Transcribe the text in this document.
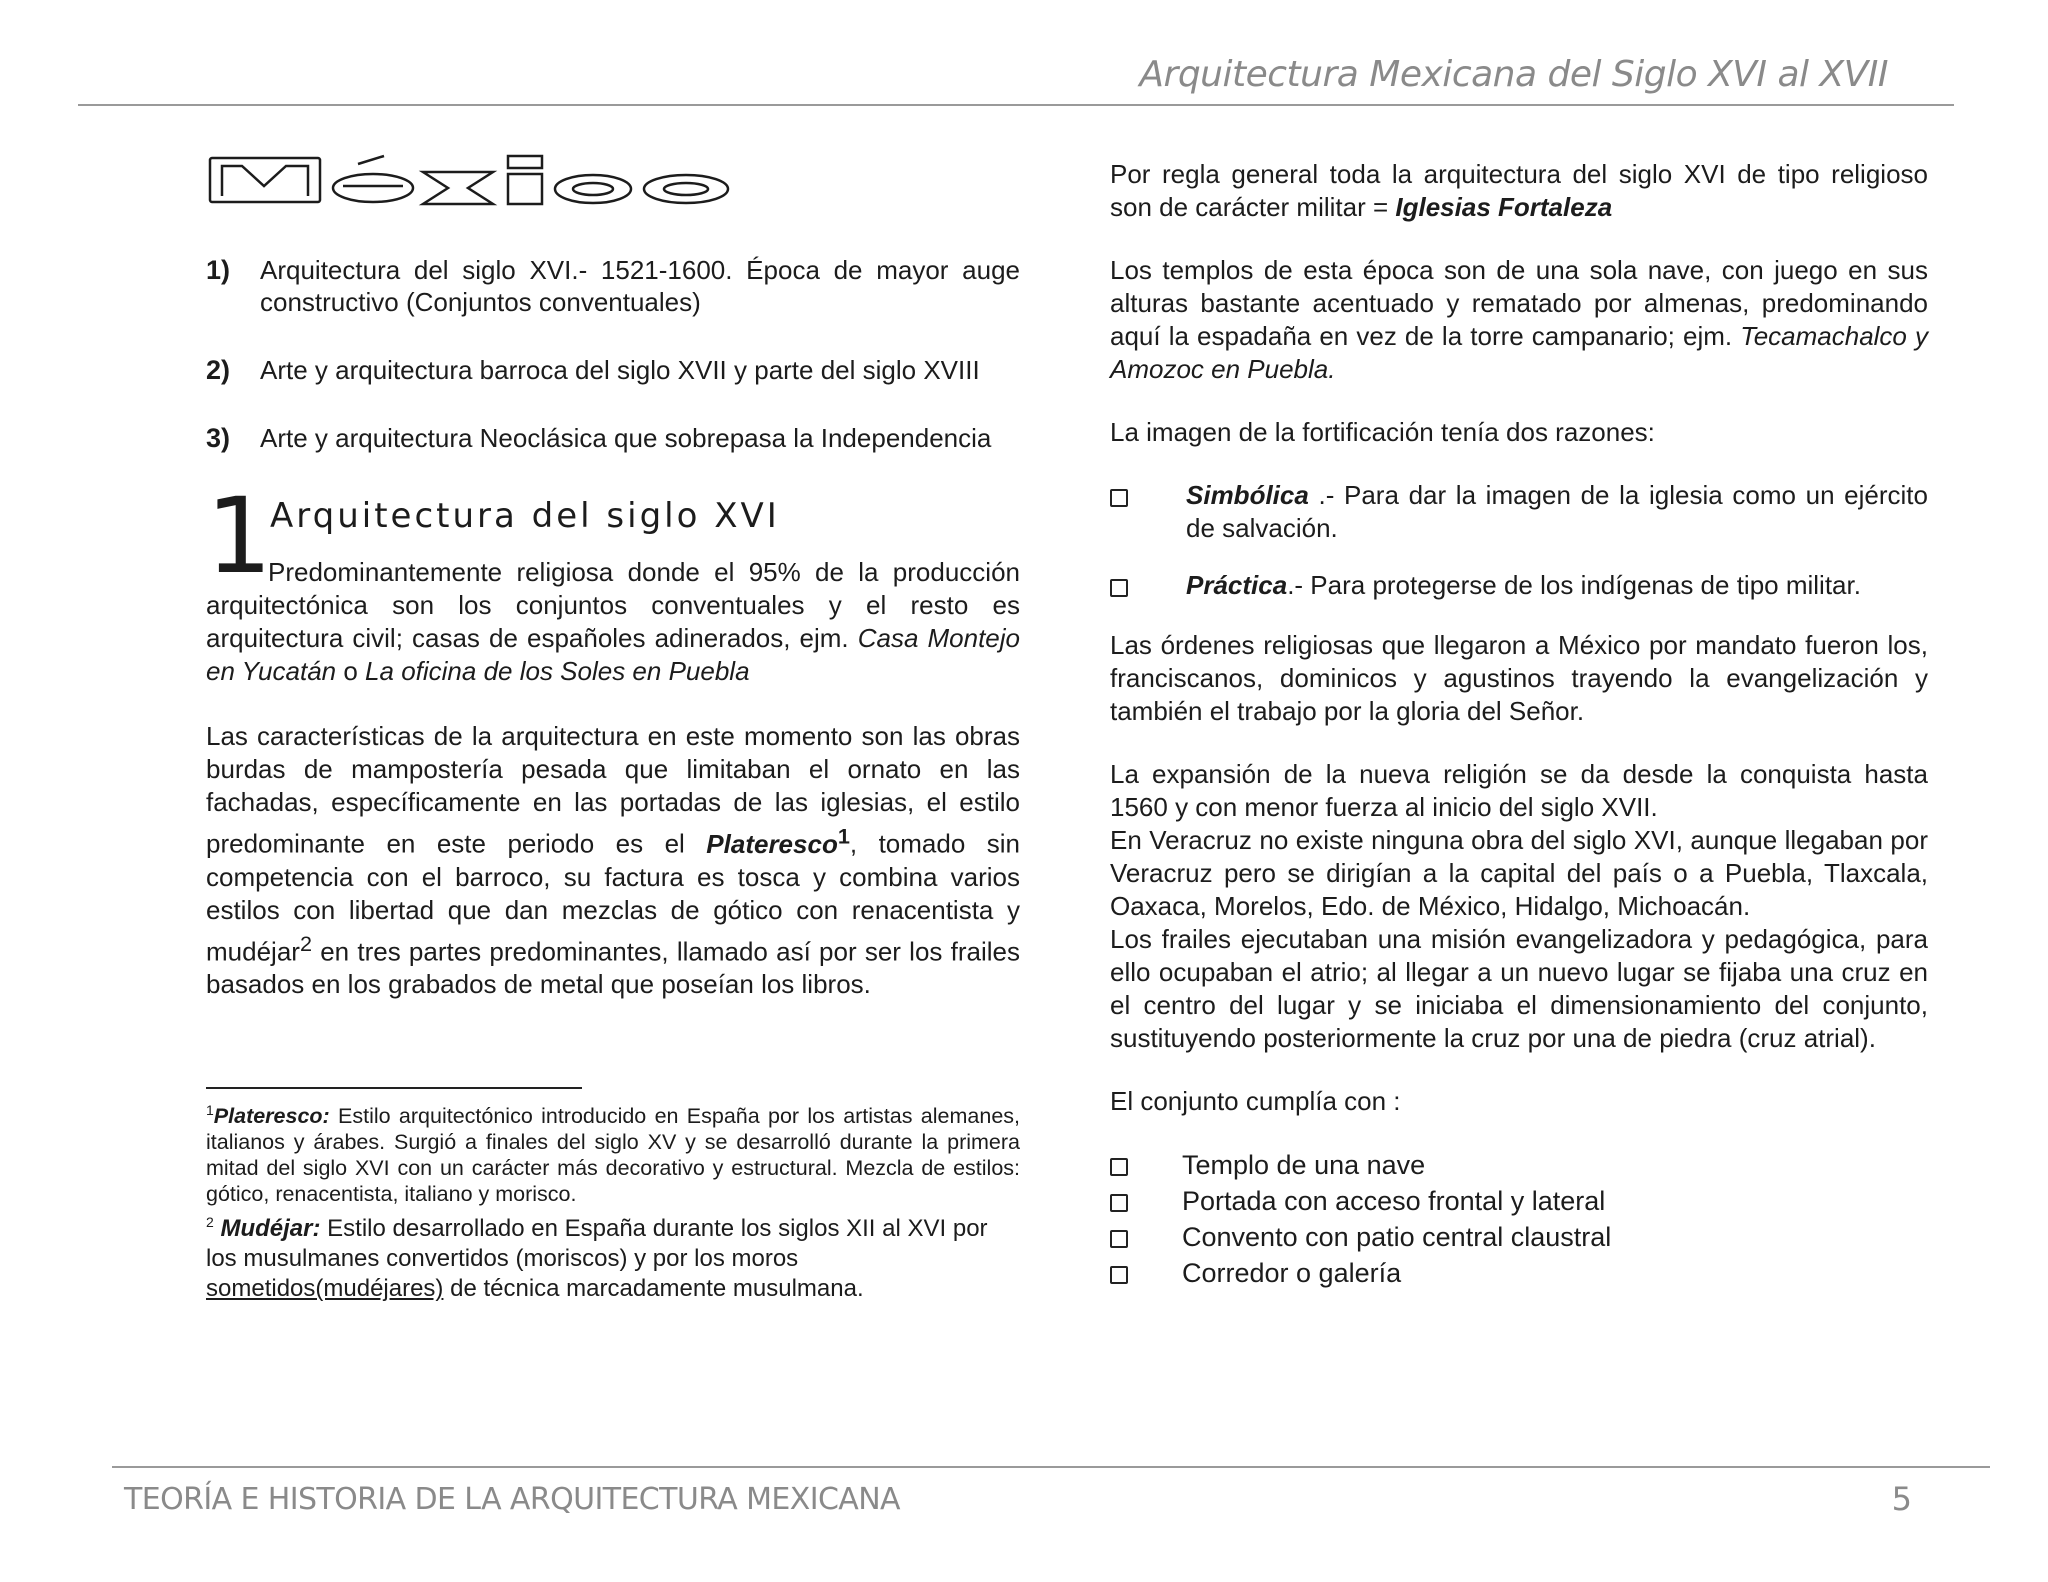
Arquitectura Mexicana del Siglo XVI al XVII
México
1)	Arquitectura del siglo XVI.- 1521-1600. Época de mayor auge constructivo (Conjuntos conventuales)
2)	Arte y arquitectura barroca del siglo XVII y parte del siglo XVIII
3)	Arte y arquitectura Neoclásica que sobrepasa la Independencia
1
Arquitectura del siglo XVI

Predominantemente religiosa donde el 95% de la producción arquitectónica son los conjuntos conventuales y el resto es arquitectura civil; casas de españoles adinerados, ejm. Casa Montejo en Yucatán o La oficina de los Soles en Puebla

Las características de la arquitectura en este momento son las obras burdas de mampostería pesada que limitaban el ornato en las fachadas, específicamente en las portadas de las iglesias, el estilo predominante en este periodo es el Plateresco$^1$, tomado sin competencia con el barroco, su factura es tosca y combina varios estilos con libertad que dan mezclas de gótico con renacentista y mudéjar$^2$ en tres partes predominantes, llamado así por ser los frailes basados en los grabados de metal que poseían los libros.

$^1$Plateresco: Estilo arquitectónico introducido en España por los artistas alemanes, italianos y árabes. Surgió a finales del siglo XV y se desarrolló durante la primera mitad del siglo XVI con un carácter más decorativo y estructural. Mezcla de estilos: gótico, renacentista, italiano y morisco.
$^2$ Mudéjar: Estilo desarrollado en España durante los siglos XII al XVI por los musulmanes convertidos (moriscos) y por los moros sometidos(mudéjares) de técnica marcadamente musulmana.

Por regla general toda la arquitectura del siglo XVI de tipo religioso son de carácter militar = Iglesias Fortaleza

Los templos de esta época son de una sola nave, con juego en sus alturas bastante acentuado y rematado por almenas, predominando aquí la espadaña en vez de la torre campanario; ejm. Tecamachalco y Amozoc en Puebla.

La imagen de la fortificación tenía dos razones:

Simbólica .- Para dar la imagen de la iglesia como un ejército de salvación.
Práctica.- Para protegerse de los indígenas de tipo militar.

Las órdenes religiosas que llegaron a México por mandato fueron los, franciscanos, dominicos y agustinos trayendo la evangelización y también el trabajo por la gloria del Señor.

La expansión de la nueva religión se da desde la conquista hasta 1560 y con menor fuerza al inicio del siglo XVII.

En Veracruz no existe ninguna obra del siglo XVI, aunque llegaban por Veracruz pero se dirigían a la capital del país o a Puebla, Tlaxcala, Oaxaca, Morelos, Edo. de México, Hidalgo, Michoacán.

Los frailes ejecutaban una misión evangelizadora y pedagógica, para ello ocupaban el atrio; al llegar a un nuevo lugar se fijaba una cruz en el centro del lugar y se iniciaba el dimensionamiento del conjunto, sustituyendo posteriormente la cruz por una de piedra (cruz atrial).

El conjunto cumplía con :

Templo de una nave
Portada con acceso frontal y lateral
Convento con patio central claustral
Corredor o galería
TEORÍA E HISTORIA DE LA ARQUITECTURA MEXICANA	5
